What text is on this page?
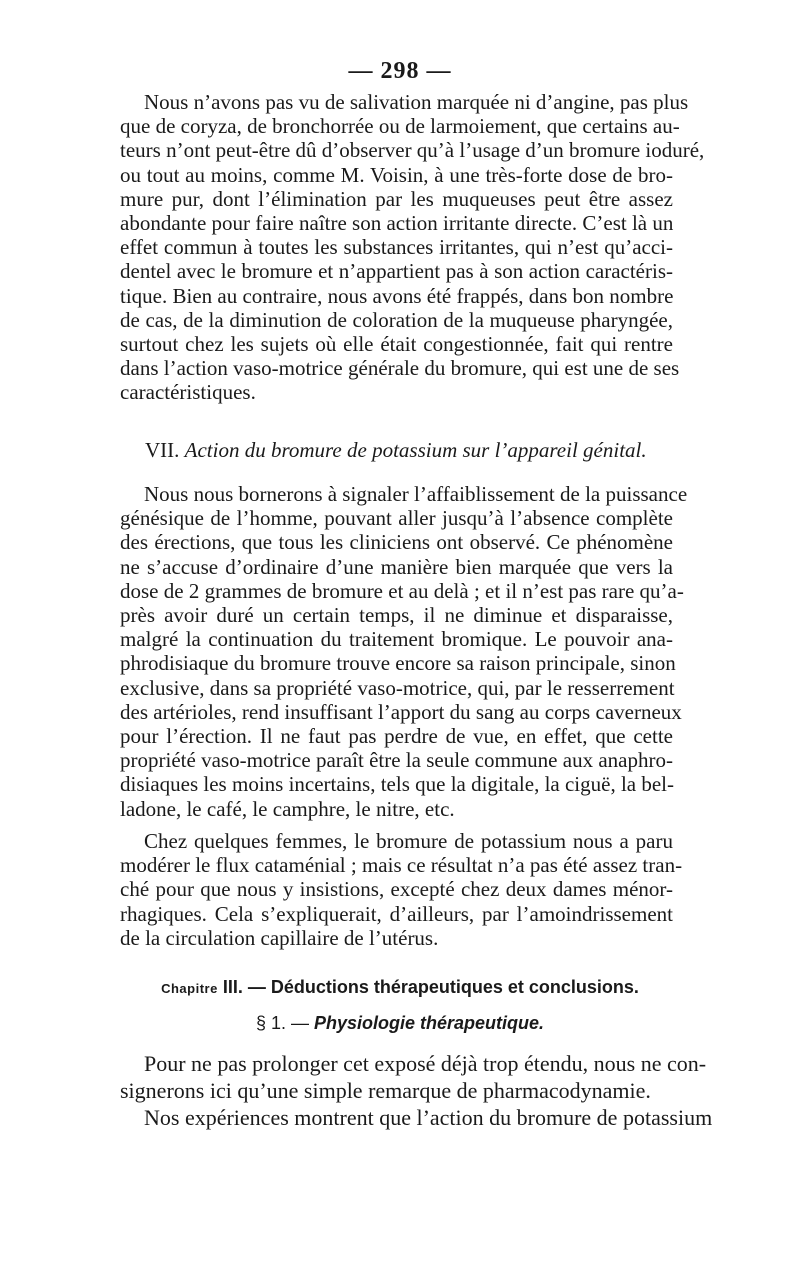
— 298 —
Nous n’avons pas vu de salivation marquée ni d’angine, pas plus
que de coryza, de bronchorrée ou de larmoiement, que certains au-
teurs n’ont peut-être dû d’observer qu’à l’usage d’un bromure ioduré,
ou tout au moins, comme M. Voisin, à une très-forte dose de bro-
mure pur, dont l’élimination par les muqueuses peut être assez
abondante pour faire naître son action irritante directe. C’est là un
effet commun à toutes les substances irritantes, qui n’est qu’acci-
dentel avec le bromure et n’appartient pas à son action caractéris-
tique. Bien au contraire, nous avons été frappés, dans bon nombre
de cas, de la diminution de coloration de la muqueuse pharyngée,
surtout chez les sujets où elle était congestionnée, fait qui rentre
dans l’action vaso-motrice générale du bromure, qui est une de ses
caractéristiques.
VII. Action du bromure de potassium sur l’appareil génital.
Nous nous bornerons à signaler l’affaiblissement de la puissance
génésique de l’homme, pouvant aller jusqu’à l’absence complète
des érections, que tous les cliniciens ont observé. Ce phénomène
ne s’accuse d’ordinaire d’une manière bien marquée que vers la
dose de 2 grammes de bromure et au delà ; et il n’est pas rare qu’a-
près avoir duré un certain temps, il ne diminue et disparaisse,
malgré la continuation du traitement bromique. Le pouvoir ana-
phrodisiaque du bromure trouve encore sa raison principale, sinon
exclusive, dans sa propriété vaso-motrice, qui, par le resserrement
des artérioles, rend insuffisant l’apport du sang au corps caverneux
pour l’érection. Il ne faut pas perdre de vue, en effet, que cette
propriété vaso-motrice paraît être la seule commune aux anaphro-
disiaques les moins incertains, tels que la digitale, la ciguë, la bel-
ladone, le café, le camphre, le nitre, etc.
Chez quelques femmes, le bromure de potassium nous a paru
modérer le flux cataménial ; mais ce résultat n’a pas été assez tran-
ché pour que nous y insistions, excepté chez deux dames ménor-
rhagiques. Cela s’expliquerait, d’ailleurs, par l’amoindrissement
de la circulation capillaire de l’utérus.
Chapitre III. — Déductions thérapeutiques et conclusions.
§ 1. — Physiologie thérapeutique.
Pour ne pas prolonger cet exposé déjà trop étendu, nous ne con-
signerons ici qu’une simple remarque de pharmacodynamie.
Nos expériences montrent que l’action du bromure de potassium
